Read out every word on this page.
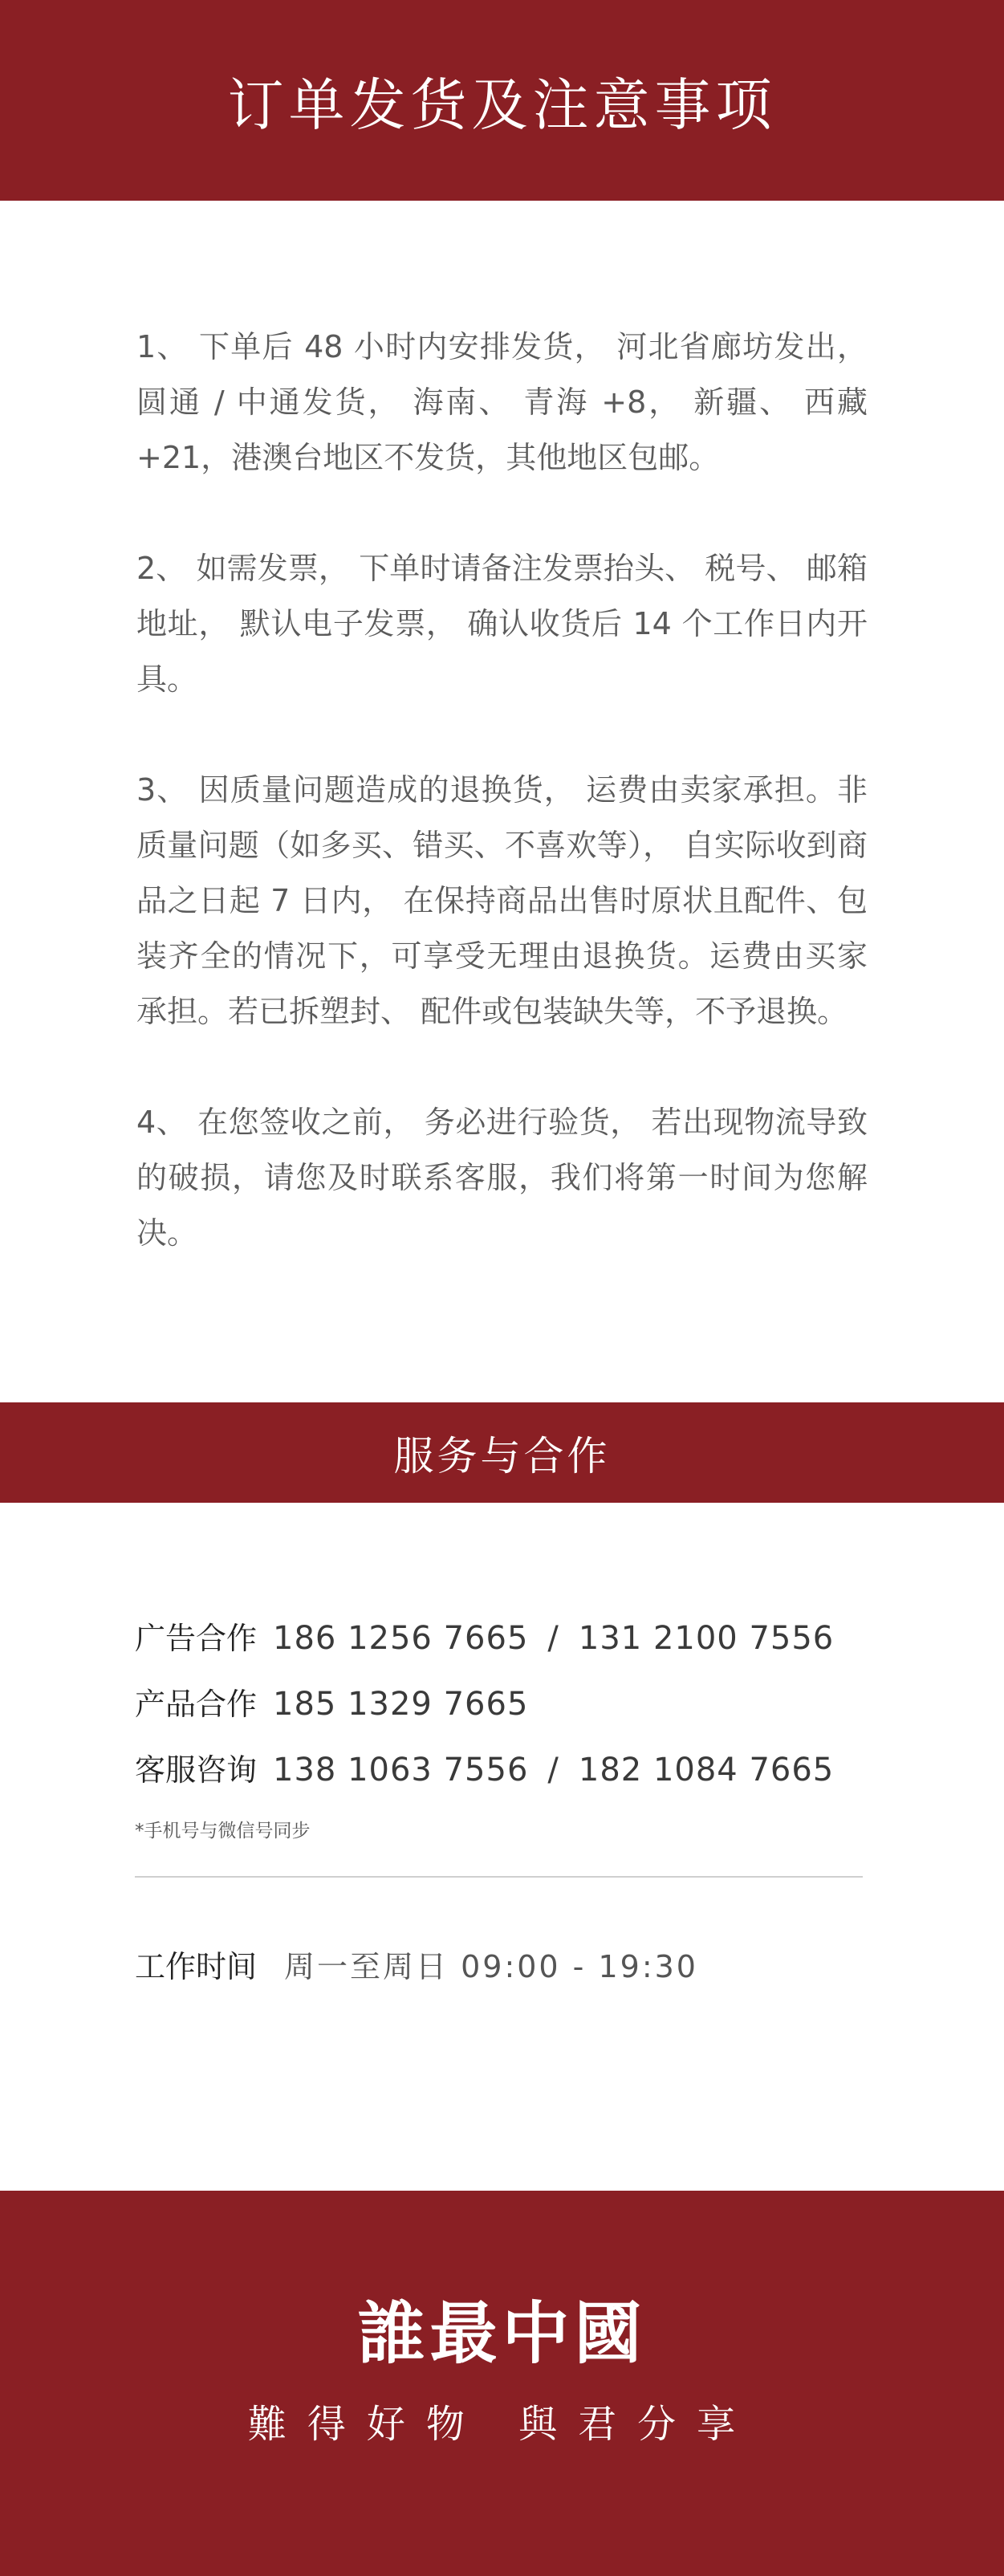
订单发货及注意事项

1、 下单后 48 小时内安排发货， 河北省廊坊发出， 圆通 / 中通发货， 海南、 青海 +8， 新疆、 西藏 +21，港澳台地区不发货，其他地区包邮。

2、 如需发票， 下单时请备注发票抬头、 税号、 邮箱地址， 默认电子发票， 确认收货后 14 个工作日内开具。

3、 因质量问题造成的退换货， 运费由卖家承担。非质量问题（如多买、错买、不喜欢等）， 自实际收到商品之日起 7 日内， 在保持商品出售时原状且配件、包装齐全的情况下，可享受无理由退换货。运费由买家承担。若已拆塑封、 配件或包装缺失等，不予退换。

4、 在您签收之前， 务必进行验货， 若出现物流导致的破损，请您及时联系客服，我们将第一时间为您解决。

服务与合作
广告合作 186 1256 7665 / 131 2100 7556
产品合作 185 1329 7665
客服咨询 138 1063 7556 / 182 1084 7665
*手机号与微信号同步
工作时间 周一至周日 09:00 - 19:30
誰最中國
難得好物 與君分享
